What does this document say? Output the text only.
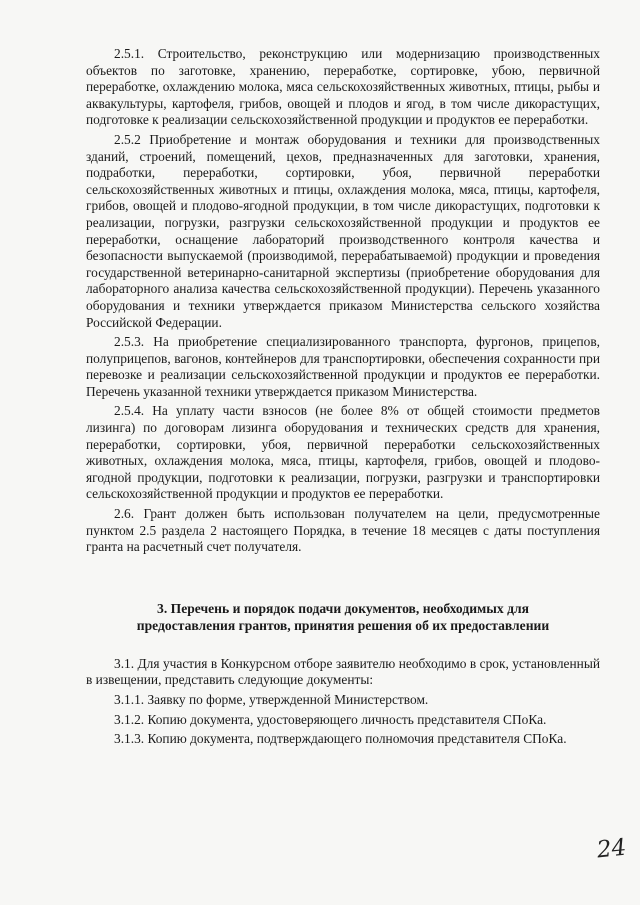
2.5.1. Строительство, реконструкцию или модернизацию производственных объектов по заготовке, хранению, переработке, сортировке, убою, первичной переработке, охлаждению молока, мяса сельскохозяйственных животных, птицы, рыбы и аквакультуры, картофеля, грибов, овощей и плодов и ягод, в том числе дикорастущих, подготовке к реализации сельскохозяйственной продукции и продуктов ее переработки.

2.5.2 Приобретение и монтаж оборудования и техники для производственных зданий, строений, помещений, цехов, предназначенных для заготовки, хранения, подработки, переработки, сортировки, убоя, первичной переработки сельскохозяйственных животных и птицы, охлаждения молока, мяса, птицы, картофеля, грибов, овощей и плодово-ягодной продукции, в том числе дикорастущих, подготовки к реализации, погрузки, разгрузки сельскохозяйственной продукции и продуктов ее переработки, оснащение лабораторий производственного контроля качества и безопасности выпускаемой (производимой, перерабатываемой) продукции и проведения государственной ветеринарно-санитарной экспертизы (приобретение оборудования для лабораторного анализа качества сельскохозяйственной продукции). Перечень указанного оборудования и техники утверждается приказом Министерства сельского хозяйства Российской Федерации.

2.5.3. На приобретение специализированного транспорта, фургонов, прицепов, полуприцепов, вагонов, контейнеров для транспортировки, обеспечения сохранности при перевозке и реализации сельскохозяйственной продукции и продуктов ее переработки. Перечень указанной техники утверждается приказом Министерства.

2.5.4. На уплату части взносов (не более 8% от общей стоимости предметов лизинга) по договорам лизинга оборудования и технических средств для хранения, переработки, сортировки, убоя, первичной переработки сельскохозяйственных животных, охлаждения молока, мяса, птицы, картофеля, грибов, овощей и плодово-ягодной продукции, подготовки к реализации, погрузки, разгрузки и транспортировки сельскохозяйственной продукции и продуктов ее переработки.

2.6. Грант должен быть использован получателем на цели, предусмотренные пунктом 2.5 раздела 2 настоящего Порядка, в течение 18 месяцев с даты поступления гранта на расчетный счет получателя.

3. Перечень и порядок подачи документов, необходимых для
предоставления грантов, принятия решения об их предоставлении

3.1. Для участия в Конкурсном отборе заявителю необходимо в срок, установленный в извещении, представить следующие документы:

3.1.1. Заявку по форме, утвержденной Министерством.

3.1.2. Копию документа, удостоверяющего личность представителя СПоКа.

3.1.3. Копию документа, подтверждающего полномочия представителя СПоКа.

24
